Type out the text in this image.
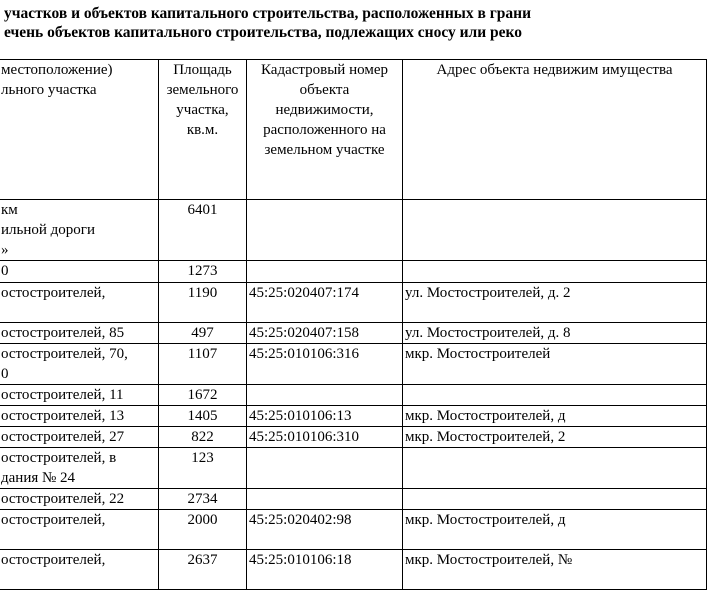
участков и объектов капитального строительства, расположенных в грани
ечень объектов капитального строительства, подлежащих сносу или реко
местоположение)
льного участка	Площадь земельного участка, кв.м.	Кадастровый номер объекта недвижимости, расположенного на земельном участке	Адрес объекта недвижим имущества
км
ильной дороги
»	6401		
0	1273		
остостроителей,	1190	45:25:020407:174	ул. Мостостроителей, д. 2
остостроителей, 85	497	45:25:020407:158	ул. Мостостроителей, д. 8
остостроителей, 70,
0	1107	45:25:010106:316	мкр. Мостостроителей
остостроителей, 11	1672		
остостроителей, 13	1405	45:25:010106:13	мкр. Мостостроителей, д
остостроителей, 27	822	45:25:010106:310	мкр. Мостостроителей, 2
остостроителей, в
дания № 24	123		
остостроителей, 22	2734		
остостроителей,	2000	45:25:020402:98	мкр. Мостостроителей, д
остостроителей,	2637	45:25:010106:18	мкр. Мостостроителей, №
